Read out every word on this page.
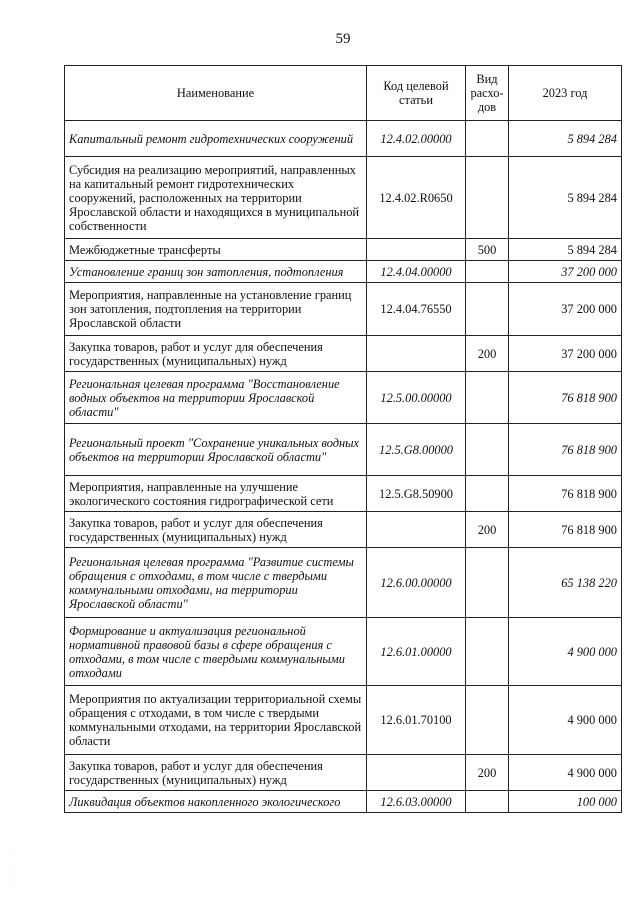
59
Наименование	Код целевой статьи	Вид расхо-дов	2023 год
Капитальный ремонт гидротехнических сооружений	12.4.02.00000		5 894 284
Субсидия на реализацию мероприятий, направленных на капитальный ремонт гидротехнических сооружений, расположенных на территории Ярославской области и находящихся в муниципальной собственности	12.4.02.R0650		5 894 284
Межбюджетные трансферты		500	5 894 284
Установление границ зон затопления, подтопления	12.4.04.00000		37 200 000
Мероприятия, направленные на установление границ зон затопления, подтопления на территории Ярославской области	12.4.04.76550		37 200 000
Закупка товаров, работ и услуг для обеспечения государственных (муниципальных) нужд		200	37 200 000
Региональная целевая программа "Восстановление водных объектов на территории Ярославской области"	12.5.00.00000		76 818 900
Региональный проект "Сохранение уникальных водных объектов на территории Ярославской области"	12.5.G8.00000		76 818 900
Мероприятия, направленные на улучшение экологического состояния гидрографической сети	12.5.G8.50900		76 818 900
Закупка товаров, работ и услуг для обеспечения государственных (муниципальных) нужд		200	76 818 900
Региональная целевая программа "Развитие системы обращения с отходами, в том числе с твердыми коммунальными отходами, на территории Ярославской области"	12.6.00.00000		65 138 220
Формирование и актуализация региональной нормативной правовой базы в сфере обращения с отходами, в том числе с твердыми коммунальными отходами	12.6.01.00000		4 900 000
Мероприятия по актуализации территориальной схемы обращения с отходами, в том числе с твердыми коммунальными отходами, на территории Ярославской области	12.6.01.70100		4 900 000
Закупка товаров, работ и услуг для обеспечения государственных (муниципальных) нужд		200	4 900 000
Ликвидация объектов накопленного экологического	12.6.03.00000		100 000
·
·
·
·
